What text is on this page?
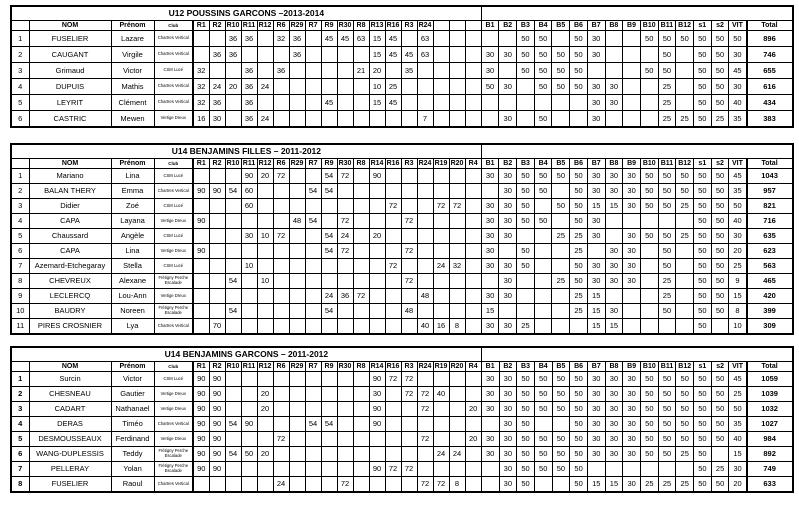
U12 POUSSINS GARCONS –2013-2014																																					
	NOM	Prénom	Club	R1	R2	R10	R11	R12	R6	R29	R7	R9	R30	R8	R13	R16	R3	R24				B1	B2	B3	B4	B5	B6	B7	B8	B9	B10	B11	B12	s1	s2	VIT	Total
1	FUSELIER	Lazare	Chartres Vertical			36	36		32	36		45	45	63	15	45		63						50	50		50	30			50	50	50	50	50	50	896
2	CAUGANT	Virgile	Chartres Vertical		36	36				36					15	45	45	63				30	30	50	50	50	50	30				50		50	50	30	746
3	Grimaud	Victor	CSM Lucé	32			36		36					21	20		35					30		50	50	50	50				50	50		50	50	45	655
4	DUPUIS	Mathis	Chartres Vertical	32	24	20	36	24							10	25						50	30		50	50	50	30	30			25		50	50	30	616
5	LEYRIT	Clément	Chartres Vertical	32	36		36					45			15	45												30	30			25		50	50	40	434
6	CASTRIC	Mewen	Vertige Dreux	16	30		36	24										7					30		50			30				25	25	50	25	35	383
U14 BENJAMINS FILLES – 2011-2012																																					
	NOM	Prénom	Club	R1	R2	R10	R11	R12	R6	R29	R7	R9	R30	R8	R14	R16	R3	R24	R19	R20	R4	B1	B2	B3	B4	B5	B6	B7	B8	B9	B10	B11	B12	s1	s2	VIT	Total
1	Mariano	Lina	CSM Lucé				90	20	72			54	72		90							30	30	50	50	50	50	30	30	30	50	50	50	50	50	45	1043
2	BALAN THERY	Emma	Chartres Vertical	90	90	54	60				54	54											30	50	50		50	30	30	30	50	50	50	50	50	35	957
3	Didier	Zoé	CSM Lucé				60									72			72	72		30	30	50		50	50	15	15	30	50	50	25	50	50	50	821
4	CAPA	Layana	Vertige Dreux	90						48	54		72				72					30	30	50	50		50	30						50	50	40	716
5	Chaussard	Angèle	CSM Lucé				30	10	72			54	24		20							30	30			25	25	30		30	50	50	25	50	50	30	635
6	CAPA	Lina	Vertige Dreux	90								54	72				72					30		50			25		30	30		50		50	50	20	623
7	Azemard-Etchegaray	Stella	CSM Lucé				10									72			24	32		30	30	50			50	30	30	30		50		50	50	25	563
8	CHEVREUX	Alexane	Frétigny Perche Escalade			54		10									72						30			25	50	30	30	30		25		50	50	9	465
9	LECLERCQ	Lou-Ann	Vertige Dreux									24	36	72				48				30	30				25	15				25		50	50	15	420
10	BAUDRY	Noreen	Frétigny Perche Escalade			54						54					48					15					25	15	30			50		50	50	8	399
11	PIRES CROSNIER	Lya	Chartres Vertical		70													40	16	8		30	30	25				15	15					50		10	309
U14 BENJAMINS GARCONS – 2011-2012																																					
	NOM	Prénom	Club	R1	R2	R10	R11	R12	R6	R29	R7	R9	R30	R8	R14	R16	R3	R24	R19	R20	R4	B1	B2	B3	B4	B5	B6	B7	B8	B9	B10	B11	B12	s1	s2	VIT	Total
1	Surcin	Victor	CSM Lucé	90	90										90	72	72					30	30	50	50	50	50	30	30	30	50	50	50	50	50	45	1059
2	CHESNEAU	Gautier	Vertige Dreux	90	90			20							30		72	72	40			30	30	50	50	50	50	30	30	30	50	50	50	50	50	25	1039
3	CADART	Nathanael	Vertige Dreux	90	90			20							90			72			20	30	30	50	50	50	50	30	30	30	50	50	50	50	50	50	1032
4	DERAS	Timéo	Chartres Vertical	90	90	54	90				54	54			90								30	50			50	30	30	30	50	50	50	50	50	35	1027
5	DESMOUSSEAUX	Ferdinand	Vertige Dreux	90	90				72									72			20	30	30	50	50	50	50	30	30	30	50	50	50	50	50	40	984
6	WANG-DUPLESSIS	Teddy	Frétigny Perche Escalade	90	90	54	50	20											24	24		30	30	50	50	50	50	30	30	30	50	50	25	50		15	892
7	PELLERAY	Yolan	Frétigny Perche Escalade	90	90										90	72	72						30	50	50	50	50							50	25	30	749
8	FUSELIER	Raoul	Chartres Vertical						24				72					72	72	8			30	50			50	15	15	30	25	25	25	50	50	20	633
